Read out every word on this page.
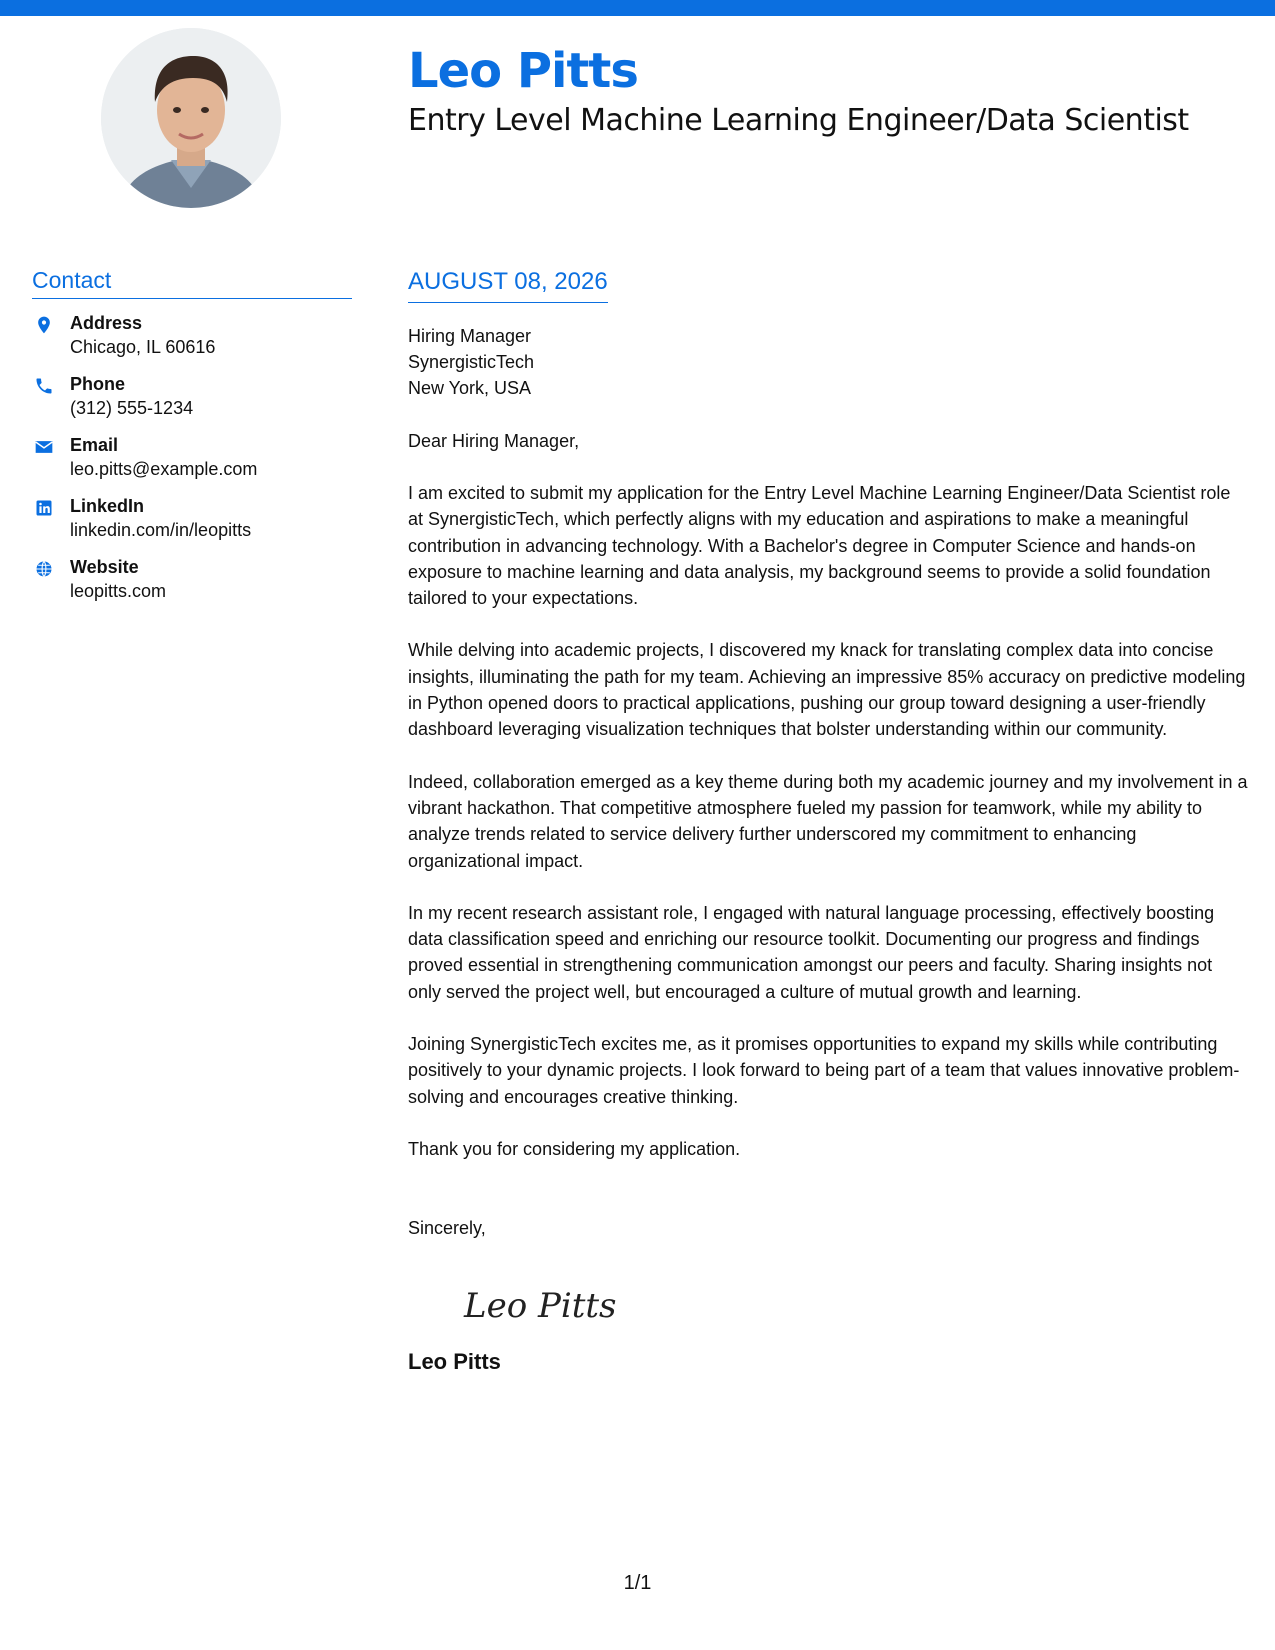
Leo Pitts
Entry Level Machine Learning Engineer/Data Scientist
Contact
Address
Chicago, IL 60616
Phone
(312) 555-1234
Email
leo.pitts@example.com
LinkedIn
linkedin.com/in/leopitts
Website
leopitts.com
AUGUST 08, 2026
Hiring Manager
SynergisticTech
New York, USA
Dear Hiring Manager,

I am excited to submit my application for the Entry Level Machine Learning Engineer/Data Scientist role at SynergisticTech, which perfectly aligns with my education and aspirations to make a meaningful contribution in advancing technology. With a Bachelor's degree in Computer Science and hands-on exposure to machine learning and data analysis, my background seems to provide a solid foundation tailored to your expectations.

While delving into academic projects, I discovered my knack for translating complex data into concise insights, illuminating the path for my team. Achieving an impressive 85% accuracy on predictive modeling in Python opened doors to practical applications, pushing our group toward designing a user-friendly dashboard leveraging visualization techniques that bolster understanding within our community.

Indeed, collaboration emerged as a key theme during both my academic journey and my involvement in a vibrant hackathon. That competitive atmosphere fueled my passion for teamwork, while my ability to analyze trends related to service delivery further underscored my commitment to enhancing organizational impact.

In my recent research assistant role, I engaged with natural language processing, effectively boosting data classification speed and enriching our resource toolkit. Documenting our progress and findings proved essential in strengthening communication amongst our peers and faculty. Sharing insights not only served the project well, but encouraged a culture of mutual growth and learning.

Joining SynergisticTech excites me, as it promises opportunities to expand my skills while contributing positively to your dynamic projects. I look forward to being part of a team that values innovative problem-solving and encourages creative thinking.

Thank you for considering my application.

Sincerely,
Leo Pitts
Leo Pitts
1/1
